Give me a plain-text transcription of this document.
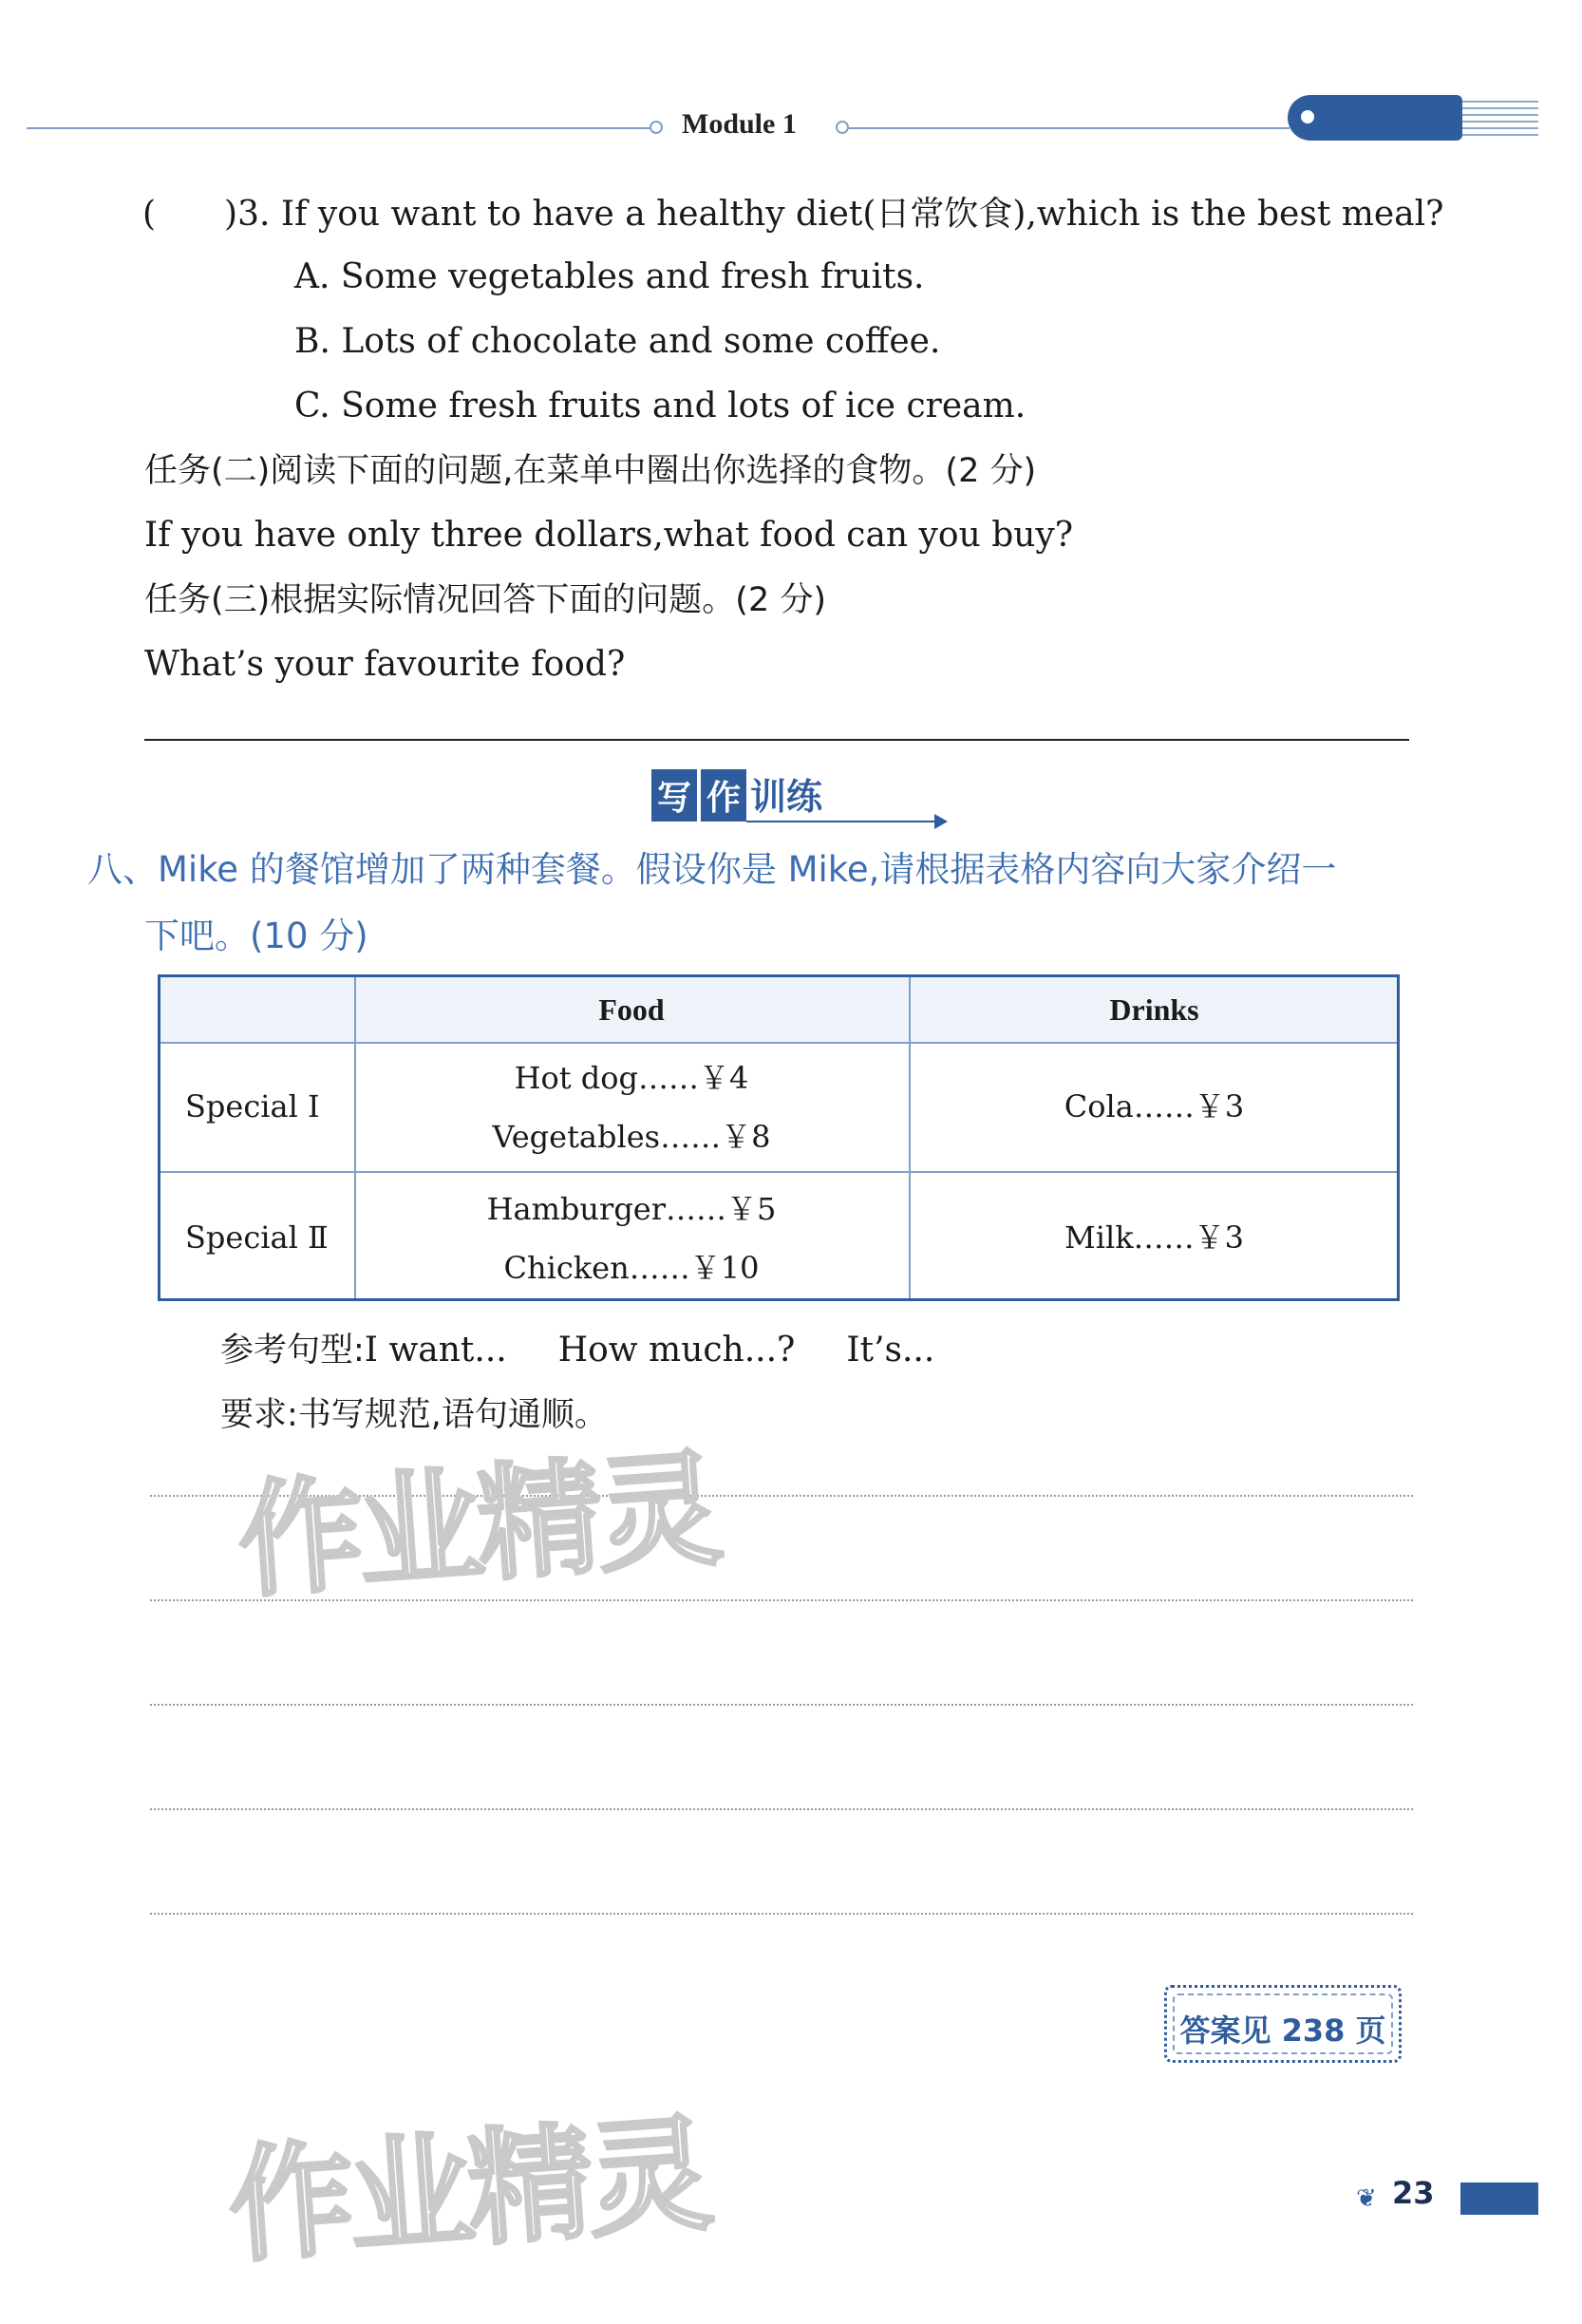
Module 1
(　　)3. If you want to have a healthy diet(日常饮食),which is the best meal?
A. Some vegetables and fresh fruits.
B. Lots of chocolate and some coffee.
C. Some fresh fruits and lots of ice cream.
任务(二)阅读下面的问题,在菜单中圈出你选择的食物。(2 分)
If you have only three dollars,what food can you buy?
任务(三)根据实际情况回答下面的问题。(2 分)
What’s your favourite food?
写 作 训练
八、Mike 的餐馆增加了两种套餐。假设你是 Mike,请根据表格内容向大家介绍一
下吧。(10 分)
Food	Drinks
Special Ⅰ
Hot dog……￥4
Vegetables……￥8
Cola……￥3
Special Ⅱ
Hamburger……￥5
Chicken……￥10
Milk……￥3
参考句型:I want... How much...? It’s...
要求:书写规范,语句通顺。
答案见 238 页
❦ 23
作业精灵
作业精灵
